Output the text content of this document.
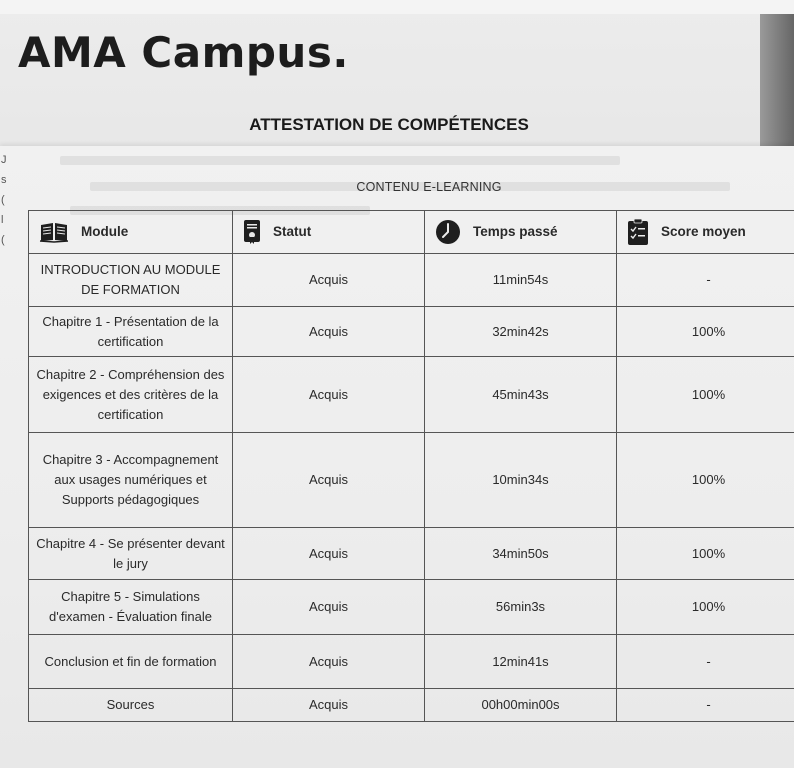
AMA Campus.
ATTESTATION DE COMPÉTENCES
J
s
(
l
(
CONTENU E-LEARNING
Module	Statut	Temps passé	Score moyen

INTRODUCTION AU MODULE DE FORMATION	Acquis	11min54s	-
Chapitre 1 - Présentation de la certification	Acquis	32min42s	100%
Chapitre 2 - Compréhension des exigences et des critères de la certification	Acquis	45min43s	100%
Chapitre 3 - Accompagnement aux usages numériques et Supports pédagogiques	Acquis	10min34s	100%
Chapitre 4 - Se présenter devant le jury	Acquis	34min50s	100%
Chapitre 5 - Simulations d'examen - Évaluation finale	Acquis	56min3s	100%
Conclusion et fin de formation	Acquis	12min41s	-
Sources	Acquis	00h00min00s	-
